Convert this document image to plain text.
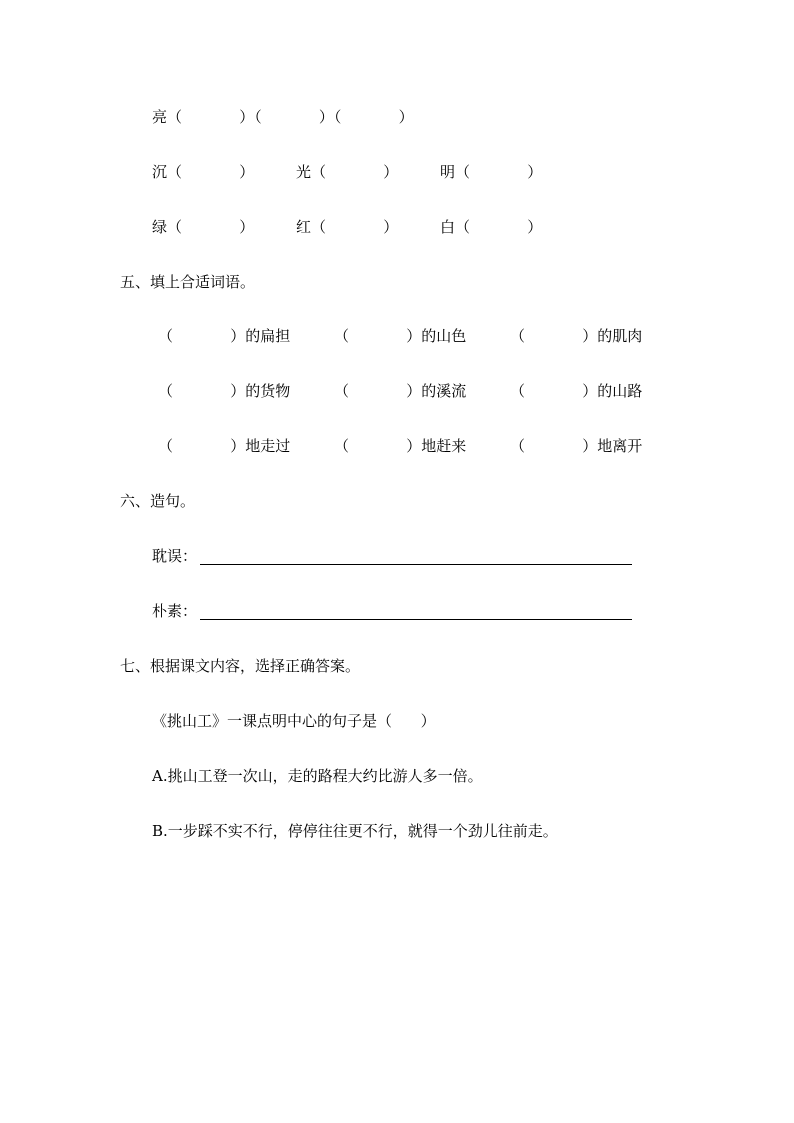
亮（            ）（            ）（            ）
沉（            ）	光（            ）	明（            ）
绿（            ）	红（            ）	白（            ）
五、填上合适词语。
（            ）的扁担	（            ）的山色	（            ）的肌肉
（            ）的货物	（            ）的溪流	（            ）的山路
（            ）地走过	（            ）地赶来	（            ）地离开
六、造句。
耽误：
朴素：
七、根据课文内容，选择正确答案。
《挑山工》一课点明中心的句子是（      ）
A.挑山工登一次山，走的路程大约比游人多一倍。
B.一步踩不实不行，停停往往更不行，就得一个劲儿往前走。
